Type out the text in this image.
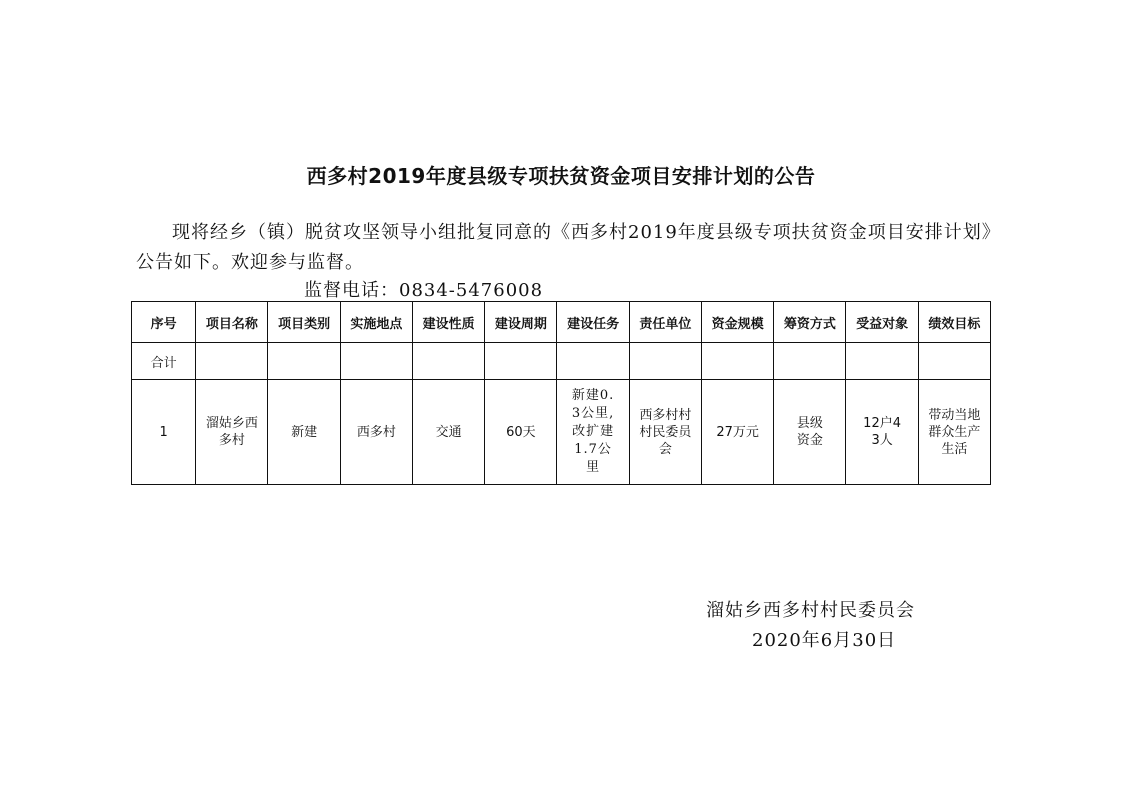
西多村2019年度县级专项扶贫资金项目安排计划的公告
现将经乡（镇）脱贫攻坚领导小组批复同意的《西多村2019年度县级专项扶贫资金项目安排计划》公告如下。欢迎参与监督。
监督电话：0834-5476008
序号	项目名称	项目类别	实施地点	建设性质	建设周期	建设任务	责任单位	资金规模	筹资方式	受益对象	绩效目标
合计											
1	溜姑乡西多村	新建	西多村	交通	60天	新建0.3公里,改扩建1.7公里	西多村村村民委员会	27万元	县级资金	12户43人	带动当地群众生产生活
溜姑乡西多村村民委员会
2020年6月30日
